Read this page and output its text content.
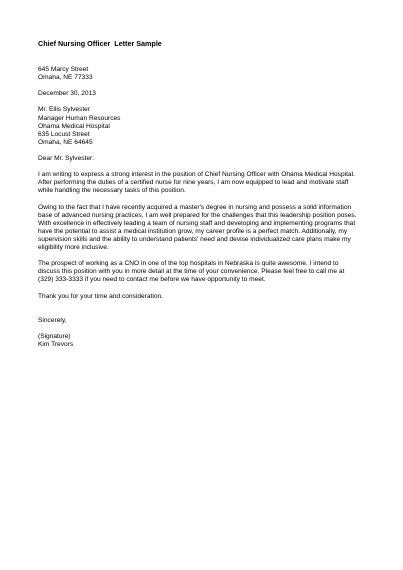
Chief Nursing Officer  Letter Sample
645 Marcy Street
Omaha, NE 77333
December 30, 2013
Mr. Ellis Sylvester
Manager Human Resources
Ohama Medical Hospital
635 Locust Street
Omaha, NE 64645
Dear Mr. Sylvester:
I am writing to express a strong interest in the position of Chief Nursing Officer with Ohama Medical Hospital.
After performing the duties of a certified nurse for nine years, I am now equipped to lead and motivate staff
while handling the necessary tasks of this position.
Owing to the fact that I have recently acquired a master's degree in nursing and possess a solid information
base of advanced nursing practices, I am well prepared for the challenges that this leadership position poses.
With excellence in effectively leading a team of nursing staff and developing and implementing programs that
have the potential to assist a medical institution grow, my career profile is a perfect match. Additionally, my
supervision skills and the ability to understand patients' need and devise individualized care plans make my
eligibility more inclusive.
The prospect of working as a CNO in one of the top hospitals in Nebraska is quite awesome. I intend to
discuss this position with you in more detail at the time of your convenience. Please feel free to call me at
(329) 333-3333 if you need to contact me before we have opportunity to meet.
Thank you for your time and consideration.
Sincerely,
(Signature)
Kim Trevors
